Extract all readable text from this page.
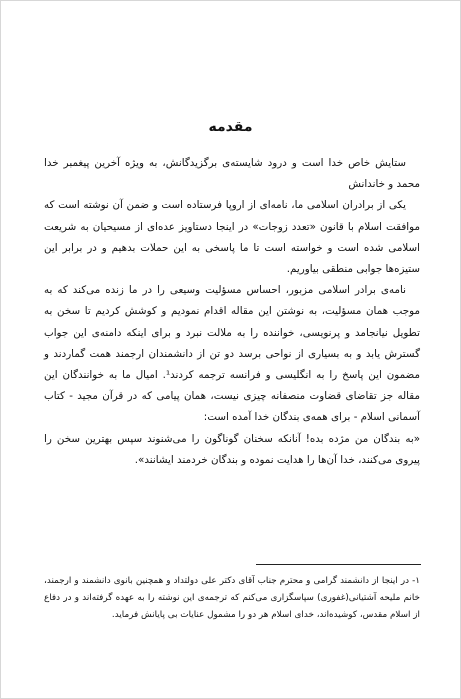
مقدمه

ستایش خاص خدا است و درود شایسته‌ی برگزیدگانش، به ویژه آخرین پیغمبر خدا محمد و خاندانش

یکی از برادران اسلامی ما، نامه‌ای از اروپا فرستاده است و ضمن آن نوشته است که موافقت اسلام با قانون «تعدد زوجات» در اینجا دستاویز عده‌ای از مسیحیان به شریعت اسلامی شده است و خواسته است تا ما پاسخی به این حملات بدهیم و در برابر این ستیزه‌ها جوابی منطقی بیاوریم.

نامه‌ی برادر اسلامی مزبور، احساس مسؤلیت وسیعی را در ما زنده می‌کند که به موجب همان مسؤلیت، به نوشتن این مقاله اقدام نمودیم و کوشش کردیم تا سخن به تطویل نیانجامد و پرنویسی، خواننده را به ملالت نبرد و برای اینکه دامنه‌ی این جواب گسترش یابد و به بسیاری از نواحی برسد دو تن از دانشمندان ارجمند همت گماردند و مضمون این پاسخ را به انگلیسی و فرانسه ترجمه کردند¹. امیال ما به خوانندگان این مقاله جز تقاضای قضاوت منصفانه چیزی نیست، همان پیامی که در قرآن مجید - کتاب آسمانی اسلام - برای همه‌ی بندگان خدا آمده است:

«به بندگان من مژده بده! آنانکه سخنان گوناگون را می‌شنوند سپس بهترین سخن را پیروی می‌کنند، خدا آن‌ها را هدایت نموده و بندگان خردمند ایشانند».

۱- در اینجا از دانشمند گرامی و محترم جناب آقای دکتر علی دولتداد و همچنین بانوی دانشمند و ارجمند، خانم ملیحه آشتیانی(غفوری) سپاسگزاری می‌کنم که ترجمه‌ی این نوشته را به عهده گرفته‌اند و در دفاع از اسلام مقدس، کوشیده‌اند، خدای اسلام هر دو را مشمول عنایات بی پایانش فرماید.
